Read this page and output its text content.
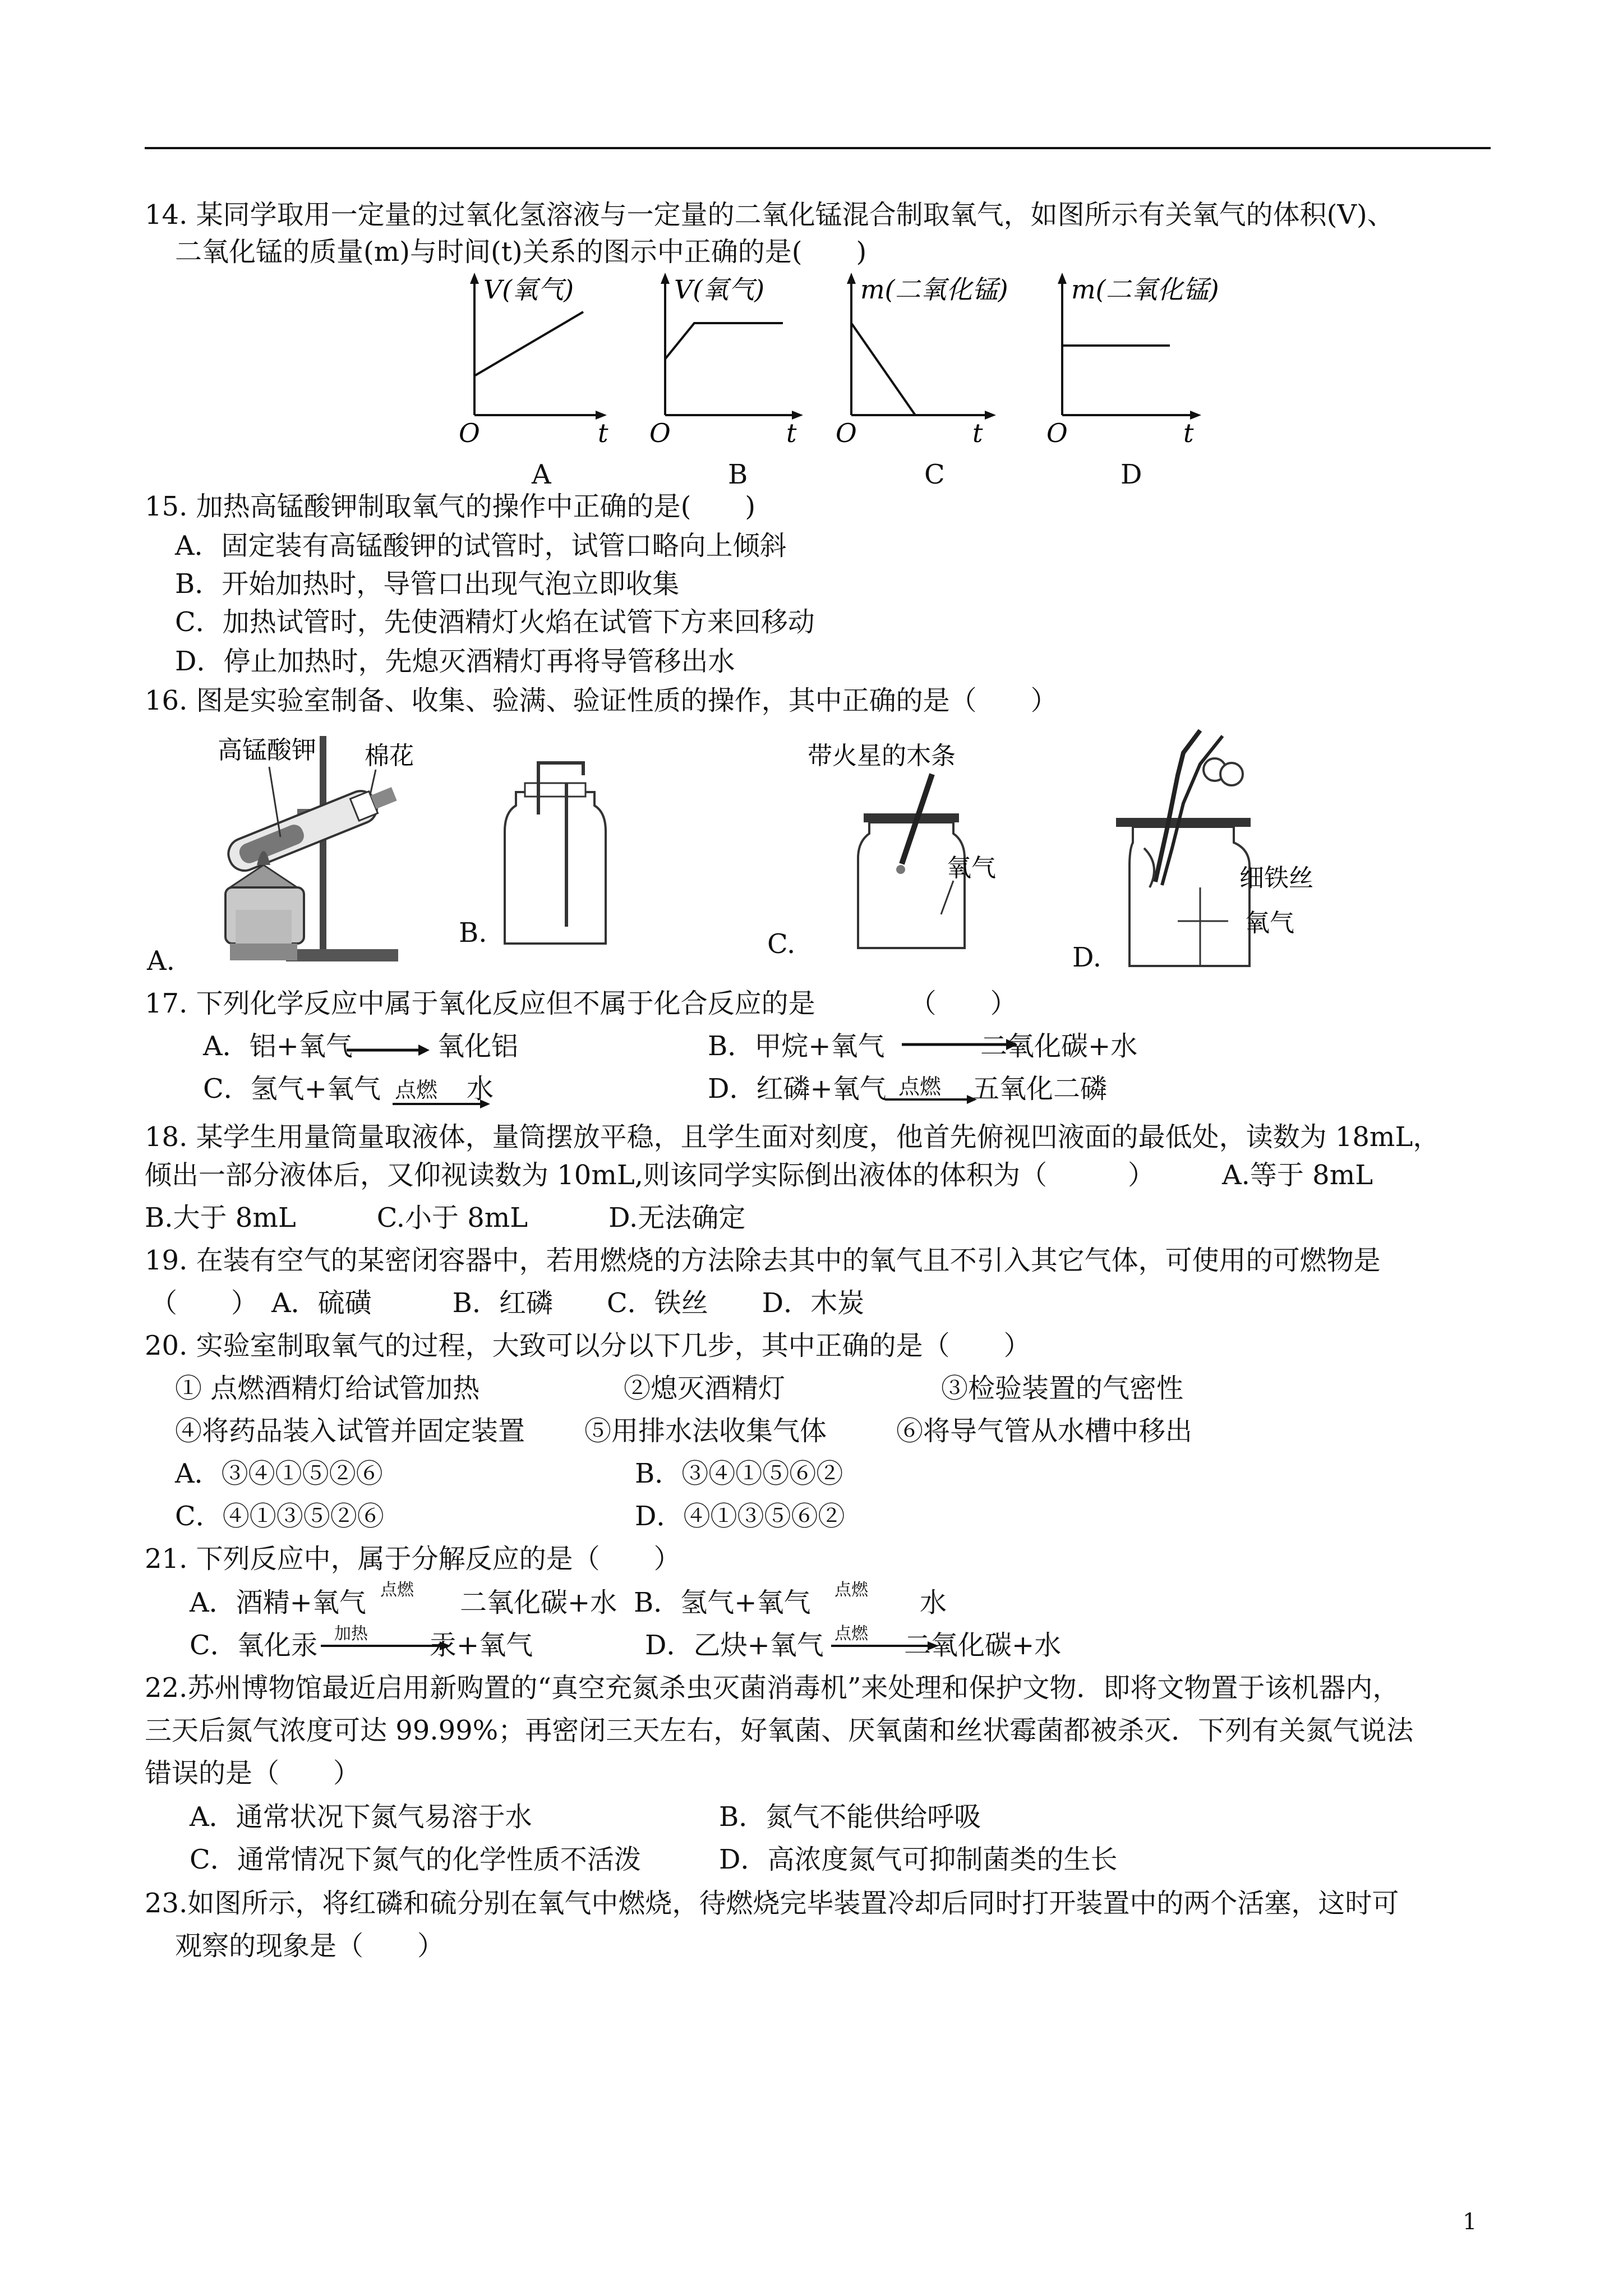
14. 某同学取用一定量的过氧化氢溶液与一定量的二氧化锰混合制取氧气，如图所示有关氧气的体积(V)、
二氧化锰的质量(m)与时间(t)关系的图示中正确的是(　　)
V(氧气)
O	t
A
V(氧气)
O	t
B
m(二氧化锰)
O	t
C
m(二氧化锰)
O	t
D
15. 加热高锰酸钾制取氧气的操作中正确的是(　　)
A．固定装有高锰酸钾的试管时，试管口略向上倾斜
B．开始加热时，导管口出现气泡立即收集
C．加热试管时，先使酒精灯火焰在试管下方来回移动
D．停止加热时，先熄灭酒精灯再将导管移出水
16. 图是实验室制备、收集、验满、验证性质的操作，其中正确的是（　　）
高锰酸钾 棉花
A.
B.
带火星的木条
氧气
C.
细铁丝
氧气
D.
17. 下列化学反应中属于氧化反应但不属于化合反应的是　　　　（　　）
A．铝+氧气	氧化铝	B．甲烷+氧气	二氧化碳+水
C．氢气+氧气 点燃 水	D．红磷+氧气 点燃 五氧化二磷
18. 某学生用量筒量取液体，量筒摆放平稳，且学生面对刻度，他首先俯视凹液面的最低处，读数为 18mL，
倾出一部分液体后，又仰视读数为 10mL,则该同学实际倒出液体的体积为（　　　）　　　A.等于 8mL
B.大于 8mL　　　C.小于 8mL　　　D.无法确定
19. 在装有空气的某密闭容器中，若用燃烧的方法除去其中的氧气且不引入其它气体，可使用的可燃物是
（　　）　A．硫磺　　　B．红磷　　C．铁丝　　D．木炭
20. 实验室制取氧气的过程，大致可以分以下几步，其中正确的是（　　）
① 点燃酒精灯给试管加热	②熄灭酒精灯	③检验装置的气密性
④将药品装入试管并固定装置 ⑤用排水法收集气体	⑥将导气管从水槽中移出
A．③④①⑤②⑥	B．③④①⑤⑥②
C．④①③⑤②⑥	D．④①③⑤⑥②
21. 下列反应中，属于分解反应的是（　　）
A．酒精+氧气 点燃 二氧化碳+水 B．氢气+氧气 点燃 水
C．氧化汞 加热 汞+氧气	D．乙炔+氧气 点燃 二氧化碳+水
22.苏州博物馆最近启用新购置的“真空充氮杀虫灭菌消毒机”来处理和保护文物．即将文物置于该机器内，
三天后氮气浓度可达 99.99%；再密闭三天左右，好氧菌、厌氧菌和丝状霉菌都被杀灭．下列有关氮气说法
错误的是（　　）
A．通常状况下氮气易溶于水	B．氮气不能供给呼吸
C．通常情况下氮气的化学性质不活泼	D．高浓度氮气可抑制菌类的生长
23.如图所示，将红磷和硫分别在氧气中燃烧，待燃烧完毕装置冷却后同时打开装置中的两个活塞，这时可
观察的现象是（　　）
1
